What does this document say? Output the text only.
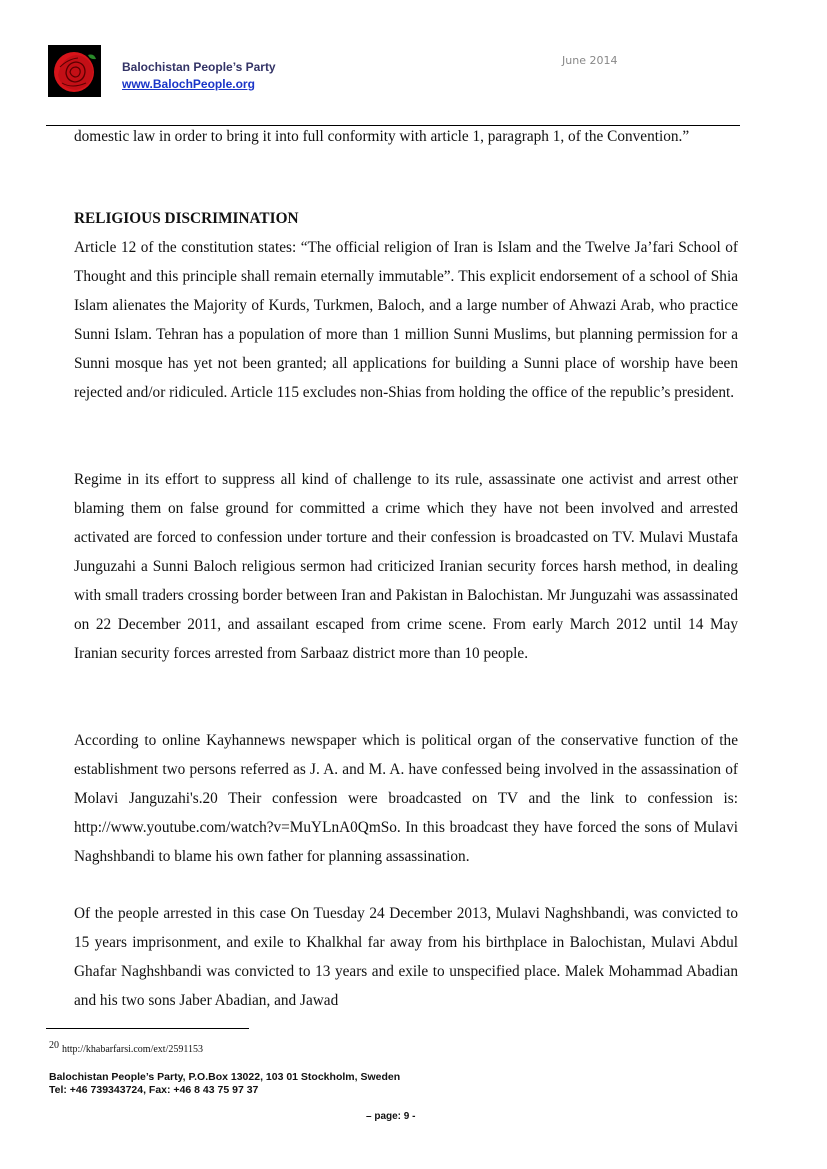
Balochistan People’s Party
www.BalochPeople.org
June 2014

domestic law in order to bring it into full conformity with article 1, paragraph 1, of the Convention.”

RELIGIOUS DISCRIMINATION

Article 12 of the constitution states: “The official religion of Iran is Islam and the Twelve Ja’fari School of Thought and this principle shall remain eternally immutable”. This explicit endorsement of a school of Shia Islam alienates the Majority of Kurds, Turkmen, Baloch, and a large number of Ahwazi Arab, who practice Sunni Islam. Tehran has a population of more than 1 million Sunni Muslims, but planning permission for a Sunni mosque has yet not been granted; all applications for building a Sunni place of worship have been rejected and/or ridiculed. Article 115 excludes non-Shias from holding the office of the republic’s president.

Regime in its effort to suppress all kind of challenge to its rule, assassinate one activist and arrest other blaming them on false ground for committed a crime which they have not been involved and arrested activated are forced to confession under torture and their confession is broadcasted on TV. Mulavi Mustafa Junguzahi a Sunni Baloch religious sermon had criticized Iranian security forces harsh method, in dealing with small traders crossing border between Iran and Pakistan in Balochistan. Mr Junguzahi was assassinated on 22 December 2011, and assailant escaped from crime scene. From early March 2012 until 14 May Iranian security forces arrested from Sarbaaz district more than 10 people.

According to online Kayhannews newspaper which is political organ of the conservative function of the establishment two persons referred as J. A. and M. A. have confessed being involved in the assassination of Molavi Janguzahi's.20 Their confession were broadcasted on TV and the link to confession is: http://www.youtube.com/watch?v=MuYLnA0QmSo. In this broadcast they have forced the sons of Mulavi Naghshbandi to blame his own father for planning assassination.

Of the people arrested in this case On Tuesday 24 December 2013, Mulavi Naghshbandi, was convicted to 15 years imprisonment, and exile to Khalkhal far away from his birthplace in Balochistan, Mulavi Abdul Ghafar Naghshbandi was convicted to 13 years and exile to unspecified place. Malek Mohammad Abadian and his two sons Jaber Abadian, and Jawad

$^{20}$ http://khabarfarsi.com/ext/2591153
Balochistan People’s Party, P.O.Box 13022, 103 01 Stockholm, Sweden
Tel: +46 739343724, Fax: +46 8 43 75 97 37
– page: 9 -
